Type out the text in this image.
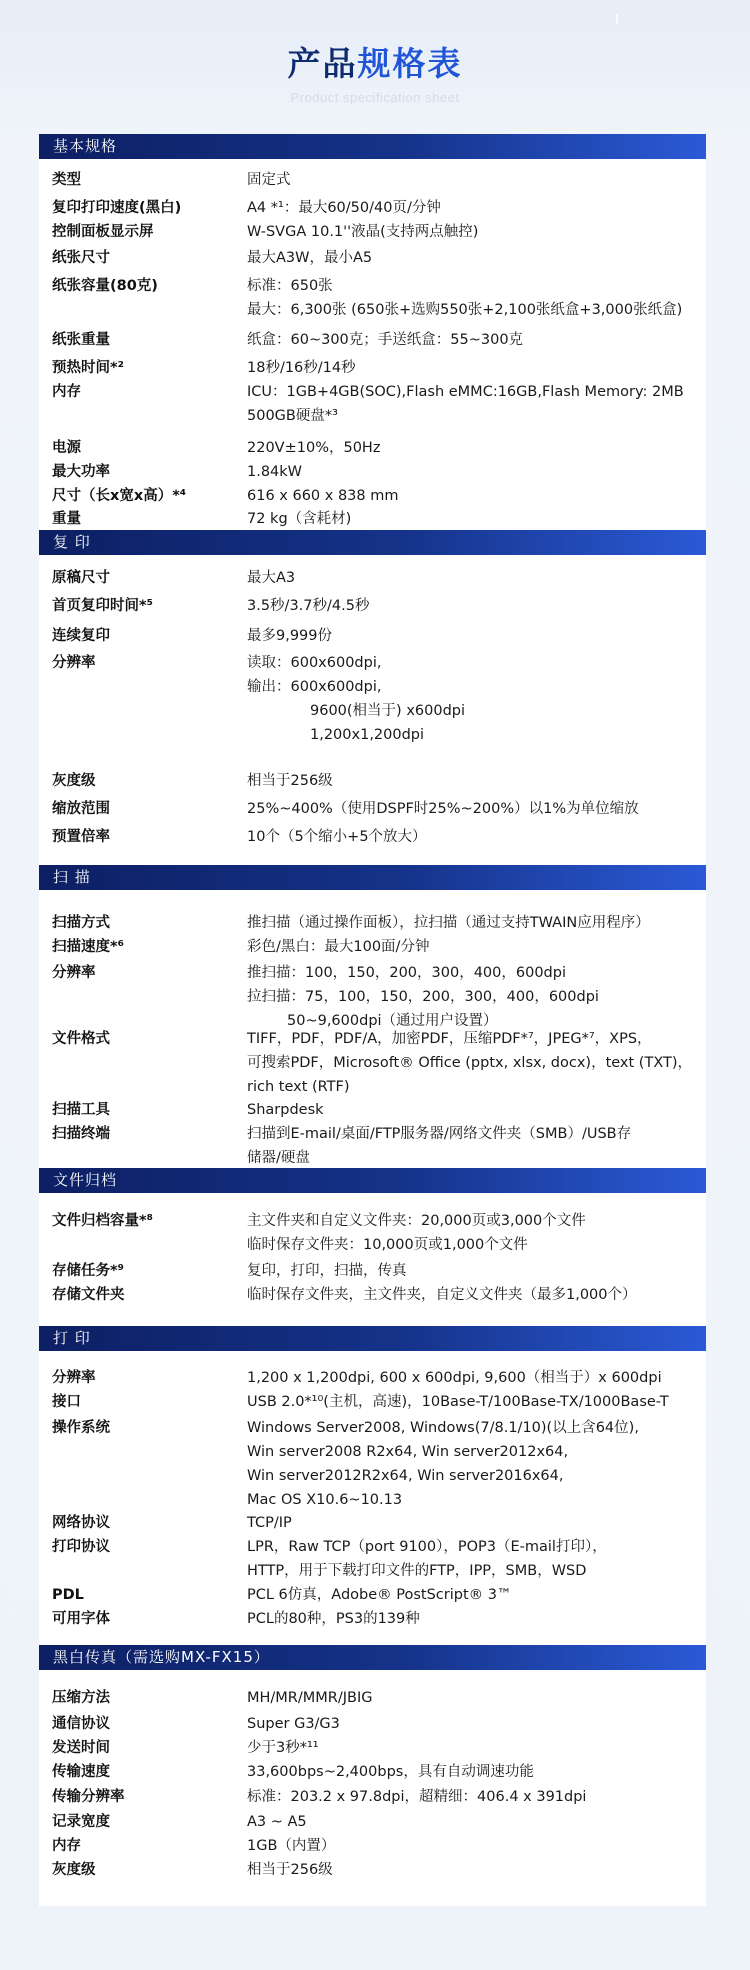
产品规格表
Product specification sheet
基本规格
类型	固定式
复印打印速度(黑白)	A4 *¹：最大60/50/40页/分钟
控制面板显示屏	W-SVGA 10.1''液晶(支持两点触控)
纸张尺寸	最大A3W，最小A5
纸张容量(80克)	标准：650张
最大：6,300张 (650张+选购550张+2,100张纸盒+3,000张纸盒)
纸张重量	纸盒：60~300克；手送纸盒：55~300克
预热时间*²	18秒/16秒/14秒
内存	ICU：1GB+4GB(SOC),Flash eMMC:16GB,Flash Memory: 2MB
500GB硬盘*³
电源	220V±10%，50Hz
最大功率	1.84kW
尺寸（长x宽x高）*⁴	616 x 660 x 838 mm
重量	72 kg（含耗材)
复 印
原稿尺寸	最大A3
首页复印时间*⁵	3.5秒/3.7秒/4.5秒
连续复印	最多9,999份
分辨率	读取：600x600dpi,
输出：600x600dpi,
9600(相当于) x600dpi
1,200x1,200dpi
灰度级	相当于256级
缩放范围	25%~400%（使用DSPF时25%~200%）以1%为单位缩放
预置倍率	10个（5个缩小+5个放大）
扫 描
扫描方式	推扫描（通过操作面板），拉扫描（通过支持TWAIN应用程序）
扫描速度*⁶	彩色/黑白：最大100面/分钟
分辨率	推扫描：100，150，200，300，400，600dpi
拉扫描：75，100，150，200，300，400，600dpi
50~9,600dpi（通过用户设置）
文件格式	TIFF，PDF，PDF/A，加密PDF，压缩PDF*⁷，JPEG*⁷，XPS，
可搜索PDF，Microsoft® Office (pptx, xlsx, docx)，text (TXT)，
rich text (RTF)
扫描工具	Sharpdesk
扫描终端	扫描到E-mail/桌面/FTP服务器/网络文件夹（SMB）/USB存
储器/硬盘
文件归档
文件归档容量*⁸	主文件夹和自定义文件夹：20,000页或3,000个文件
临时保存文件夹：10,000页或1,000个文件
存储任务*⁹	复印，打印，扫描，传真
存储文件夹	临时保存文件夹，主文件夹，自定义文件夹（最多1,000个）
打 印
分辨率	1,200 x 1,200dpi, 600 x 600dpi, 9,600（相当于）x 600dpi
接口	USB 2.0*¹⁰(主机，高速)，10Base-T/100Base-TX/1000Base-T
操作系统	Windows Server2008, Windows(7/8.1/10)(以上含64位),
Win server2008 R2x64, Win server2012x64,
Win server2012R2x64, Win server2016x64,
Mac OS X10.6~10.13
网络协议	TCP/IP
打印协议	LPR，Raw TCP（port 9100），POP3（E-mail打印），
HTTP，用于下载打印文件的FTP，IPP，SMB，WSD
PDL	PCL 6仿真，Adobe® PostScript® 3™
可用字体	PCL的80种，PS3的139种
黑白传真（需选购MX-FX15）
压缩方法	MH/MR/MMR/JBIG
通信协议	Super G3/G3
发送时间	少于3秒*¹¹
传输速度	33,600bps~2,400bps，具有自动调速功能
传输分辨率	标准：203.2 x 97.8dpi，超精细：406.4 x 391dpi
记录宽度	A3 ~ A5
内存	1GB（内置）
灰度级	相当于256级
